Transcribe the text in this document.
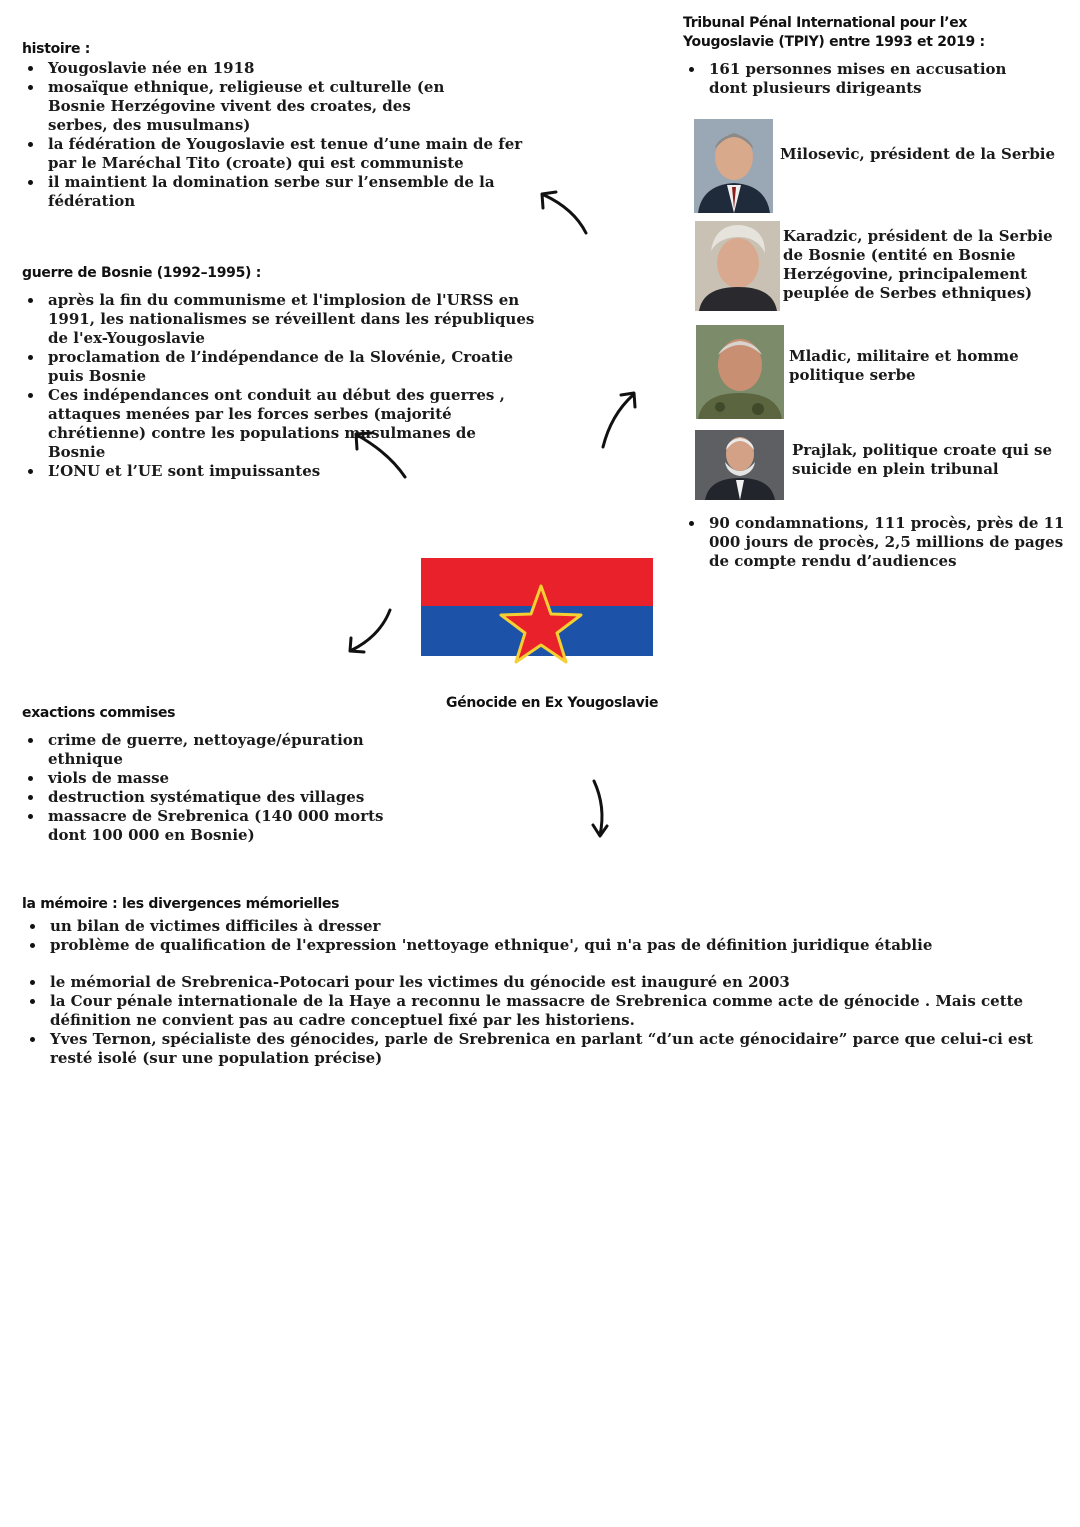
histoire :
Yougoslavie née en 1918
mosaïque ethnique, religieuse et culturelle (en Bosnie Herzégovine vivent des croates, des serbes, des musulmans)
la fédération de Yougoslavie est tenue d’une main de fer par le Maréchal Tito (croate) qui est communiste
il maintient la domination serbe sur l’ensemble de la fédération
guerre de Bosnie (1992–1995) :
après la fin du communisme et l'implosion de l'URSS en 1991, les nationalismes se réveillent dans les républiques de l'ex-Yougoslavie
proclamation de l’indépendance de la Slovénie, Croatie puis Bosnie
Ces indépendances ont conduit au début des guerres , attaques menées par les forces serbes (majorité chrétienne) contre les populations musulmanes de Bosnie
L’ONU et l’UE sont impuissantes
Tribunal Pénal International pour l’ex Yougoslavie (TPIY) entre 1993 et 2019 :
161 personnes mises en accusation dont plusieurs dirigeants
Milosevic, président de la Serbie
Karadzic, président de la Serbie de Bosnie (entité en Bosnie Herzégovine, principalement peuplée de Serbes ethniques)
Mladic, militaire et homme politique serbe
Prajlak, politique croate qui se suicide en plein tribunal
90 condamnations, 111 procès, près de 11 000 jours de procès, 2,5 millions de pages de compte rendu d’audiences
Génocide en Ex Yougoslavie
exactions commises
crime de guerre, nettoyage/épuration ethnique
viols de masse
destruction systématique des villages
massacre de Srebrenica (140 000 morts dont 100 000 en Bosnie)
la mémoire : les divergences mémorielles
un bilan de victimes difficiles à dresser
problème de qualification de l'expression 'nettoyage ethnique', qui n'a pas de définition juridique établie
le mémorial de Srebrenica-Potocari pour les victimes du génocide est inauguré en 2003
la Cour pénale internationale de la Haye a reconnu le massacre de Srebrenica comme acte de génocide . Mais cette définition ne convient pas au cadre conceptuel fixé par les historiens.
Yves Ternon, spécialiste des génocides, parle de Srebrenica en parlant “d’un acte génocidaire” parce que celui-ci est resté isolé (sur une population précise)
